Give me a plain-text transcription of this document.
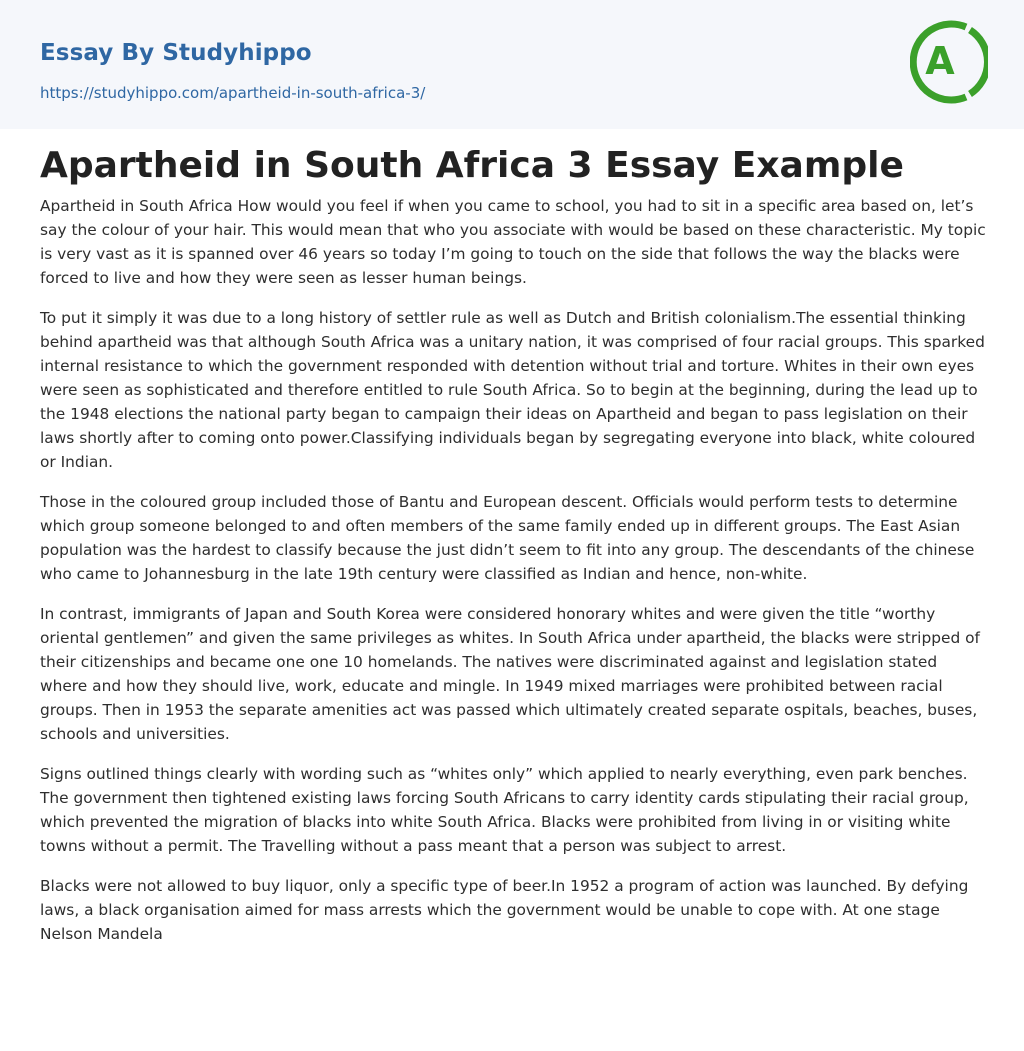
Essay By Studyhippo
https://studyhippo.com/apartheid-in-south-africa-3/
A
Apartheid in South Africa 3 Essay Example

Apartheid in South Africa How would you feel if when you came to school, you had to sit in a specific area based on, let’s say the colour of your hair. This would mean that who you associate with would be based on these characteristic. My topic is very vast as it is spanned over 46 years so today I’m going to touch on the side that follows the way the blacks were forced to live and how they were seen as lesser human beings.

To put it simply it was due to a long history of settler rule as well as Dutch and British colonialism.The essential thinking behind apartheid was that although South Africa was a unitary nation, it was comprised of four racial groups. This sparked internal resistance to which the government responded with detention without trial and torture. Whites in their own eyes were seen as sophisticated and therefore entitled to rule South Africa. So to begin at the beginning, during the lead up to the 1948 elections the national party began to campaign their ideas on Apartheid and began to pass legislation on their laws shortly after to coming onto power.Classifying individuals began by segregating everyone into black, white coloured or Indian.

Those in the coloured group included those of Bantu and European descent. Officials would perform tests to determine which group someone belonged to and often members of the same family ended up in different groups. The East Asian population was the hardest to classify because the just didn’t seem to fit into any group. The descendants of the chinese who came to Johannesburg in the late 19th century were classified as Indian and hence, non-white.

In contrast, immigrants of Japan and South Korea were considered honorary whites and were given the title “worthy oriental gentlemen” and given the same privileges as whites. In South Africa under apartheid, the blacks were stripped of their citizenships and became one one 10 homelands. The natives were discriminated against and legislation stated where and how they should live, work, educate and mingle. In 1949 mixed marriages were prohibited between racial groups. Then in 1953 the separate amenities act was passed which ultimately created separate ospitals, beaches, buses, schools and universities.

Signs outlined things clearly with wording such as “whites only” which applied to nearly everything, even park benches. The government then tightened existing laws forcing South Africans to carry identity cards stipulating their racial group, which prevented the migration of blacks into white South Africa. Blacks were prohibited from living in or visiting white towns without a permit. The Travelling without a pass meant that a person was subject to arrest.

Blacks were not allowed to buy liquor, only a specific type of beer.In 1952 a program of action was launched. By defying laws, a black organisation aimed for mass arrests which the government would be unable to cope with. At one stage Nelson Mandela
